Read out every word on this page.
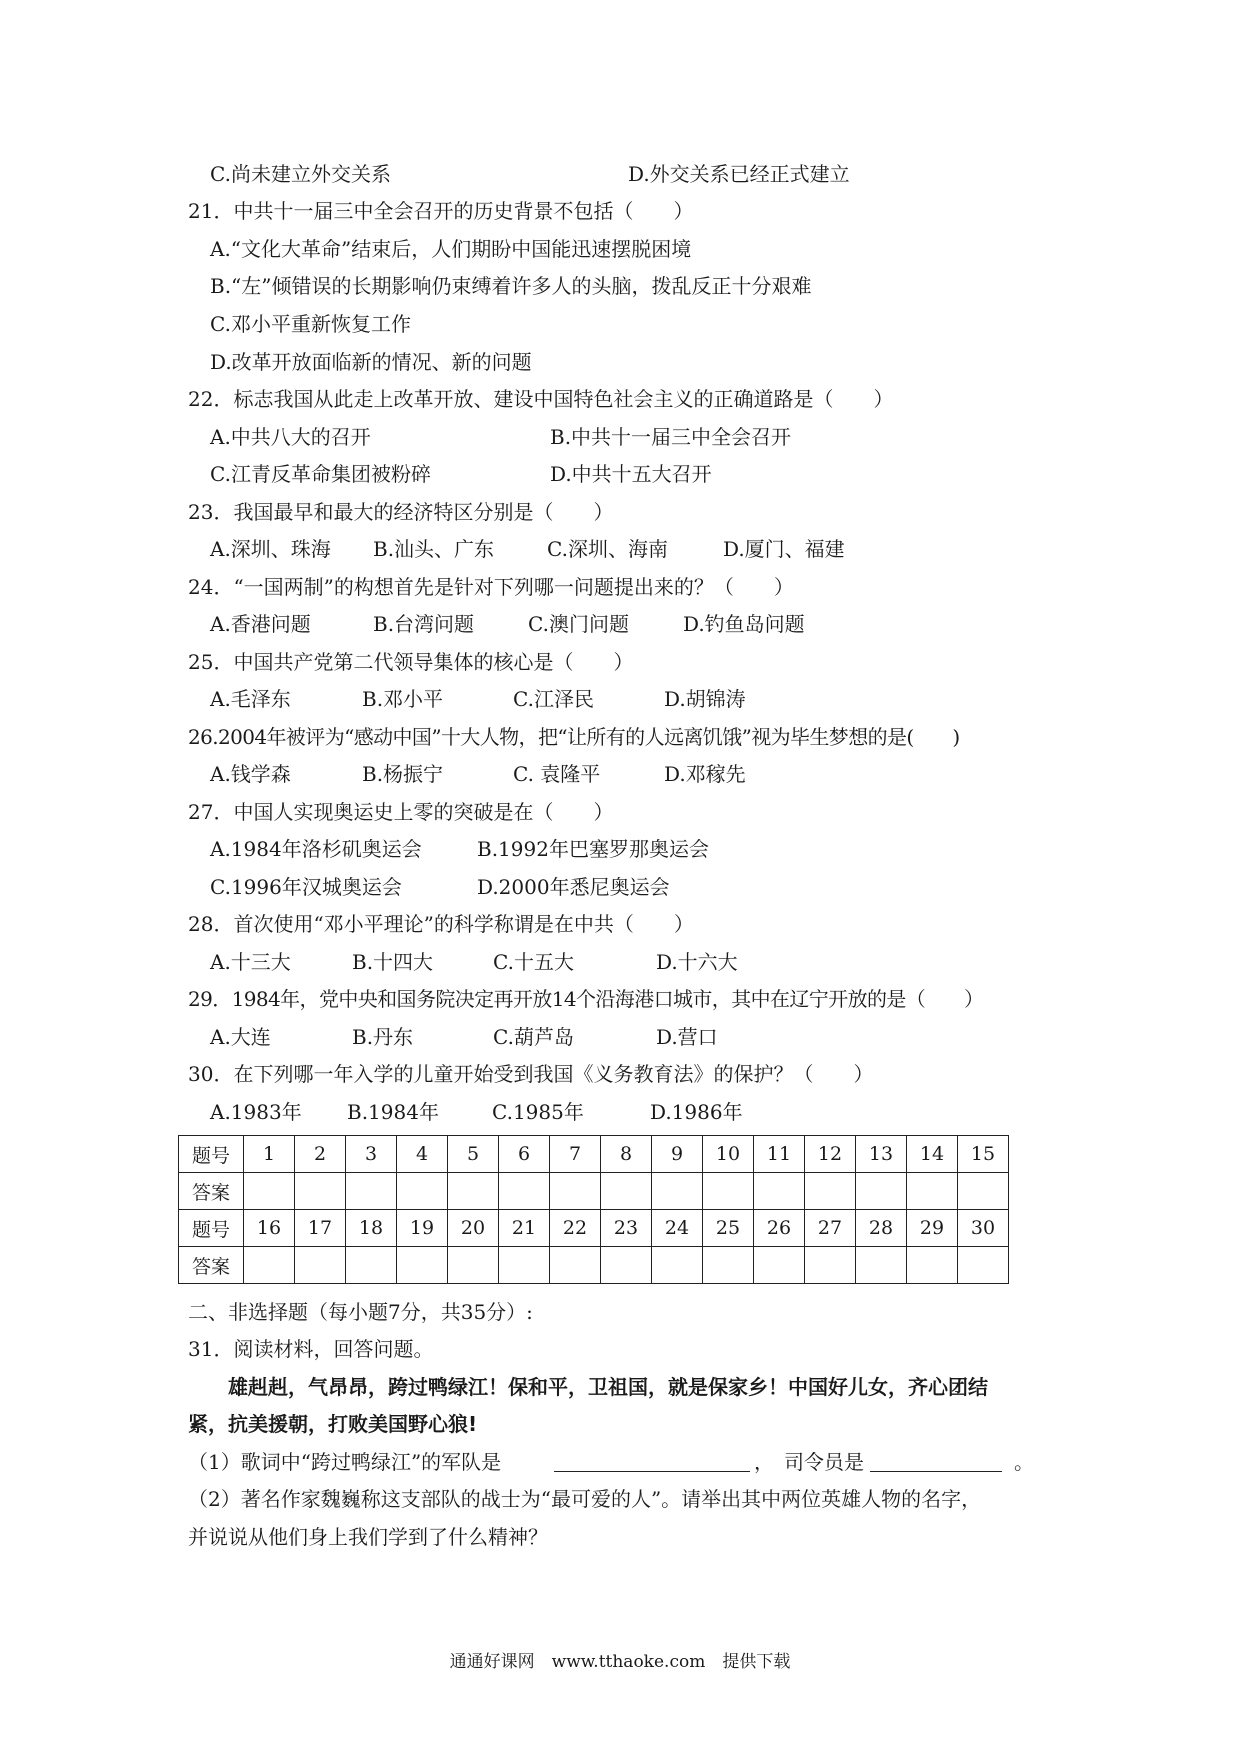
C.尚未建立外交关系	D.外交关系已经正式建立
21．中共十一届三中全会召开的历史背景不包括（　　）
A.“文化大革命”结束后，人们期盼中国能迅速摆脱困境
B.“左”倾错误的长期影响仍束缚着许多人的头脑，拨乱反正十分艰难
C.邓小平重新恢复工作
D.改革开放面临新的情况、新的问题
22．标志我国从此走上改革开放、建设中国特色社会主义的正确道路是（　　）
A.中共八大的召开	B.中共十一届三中全会召开
C.江青反革命集团被粉碎	D.中共十五大召开
23．我国最早和最大的经济特区分别是（　　）
A.深圳、珠海 B.汕头、广东	C.深圳、海南	D.厦门、福建
24．“一国两制”的构想首先是针对下列哪一问题提出来的？（　　）
A.香港问题	B.台湾问题	C.澳门问题	D.钓鱼岛问题
25．中国共产党第二代领导集体的核心是（　　）
A.毛泽东	B.邓小平	C.江泽民	D.胡锦涛
26.2004年被评为“感动中国”十大人物，把“让所有的人远离饥饿”视为毕生梦想的是(　　)
A.钱学森	B.杨振宁	C. 袁隆平	D.邓稼先
27．中国人实现奥运史上零的突破是在（　　）
A.1984年洛杉矶奥运会	B.1992年巴塞罗那奥运会
C.1996年汉城奥运会	D.2000年悉尼奥运会
28．首次使用“邓小平理论”的科学称谓是在中共（　　）
A.十三大	B.十四大	C.十五大	D.十六大
29．1984年，党中央和国务院决定再开放14个沿海港口城市，其中在辽宁开放的是（　　）
A.大连	B.丹东	C.葫芦岛	D.营口
30．在下列哪一年入学的儿童开始受到我国《义务教育法》的保护？（　　）
A.1983年 B.1984年	C.1985年	D.1986年
题号	1	2	3	4	5	6	7	8	9	10	11	12	13	14	15
答案															
题号	16	17	18	19	20	21	22	23	24	25	26	27	28	29	30
答案															
二、非选择题（每小题7分，共35分）:
31．阅读材料，回答问题。
　　雄赳赳，气昂昂，跨过鸭绿江！保和平，卫祖国，就是保家乡！中国好儿女，齐心团结
紧，抗美援朝，打败美国野心狼!
（1）歌词中“跨过鸭绿江”的军队是	，　司令员是	。
（2）著名作家魏巍称这支部队的战士为“最可爱的人”。请举出其中两位英雄人物的名字，
并说说从他们身上我们学到了什么精神？
通通好课网　www.tthaoke.com　提供下载
